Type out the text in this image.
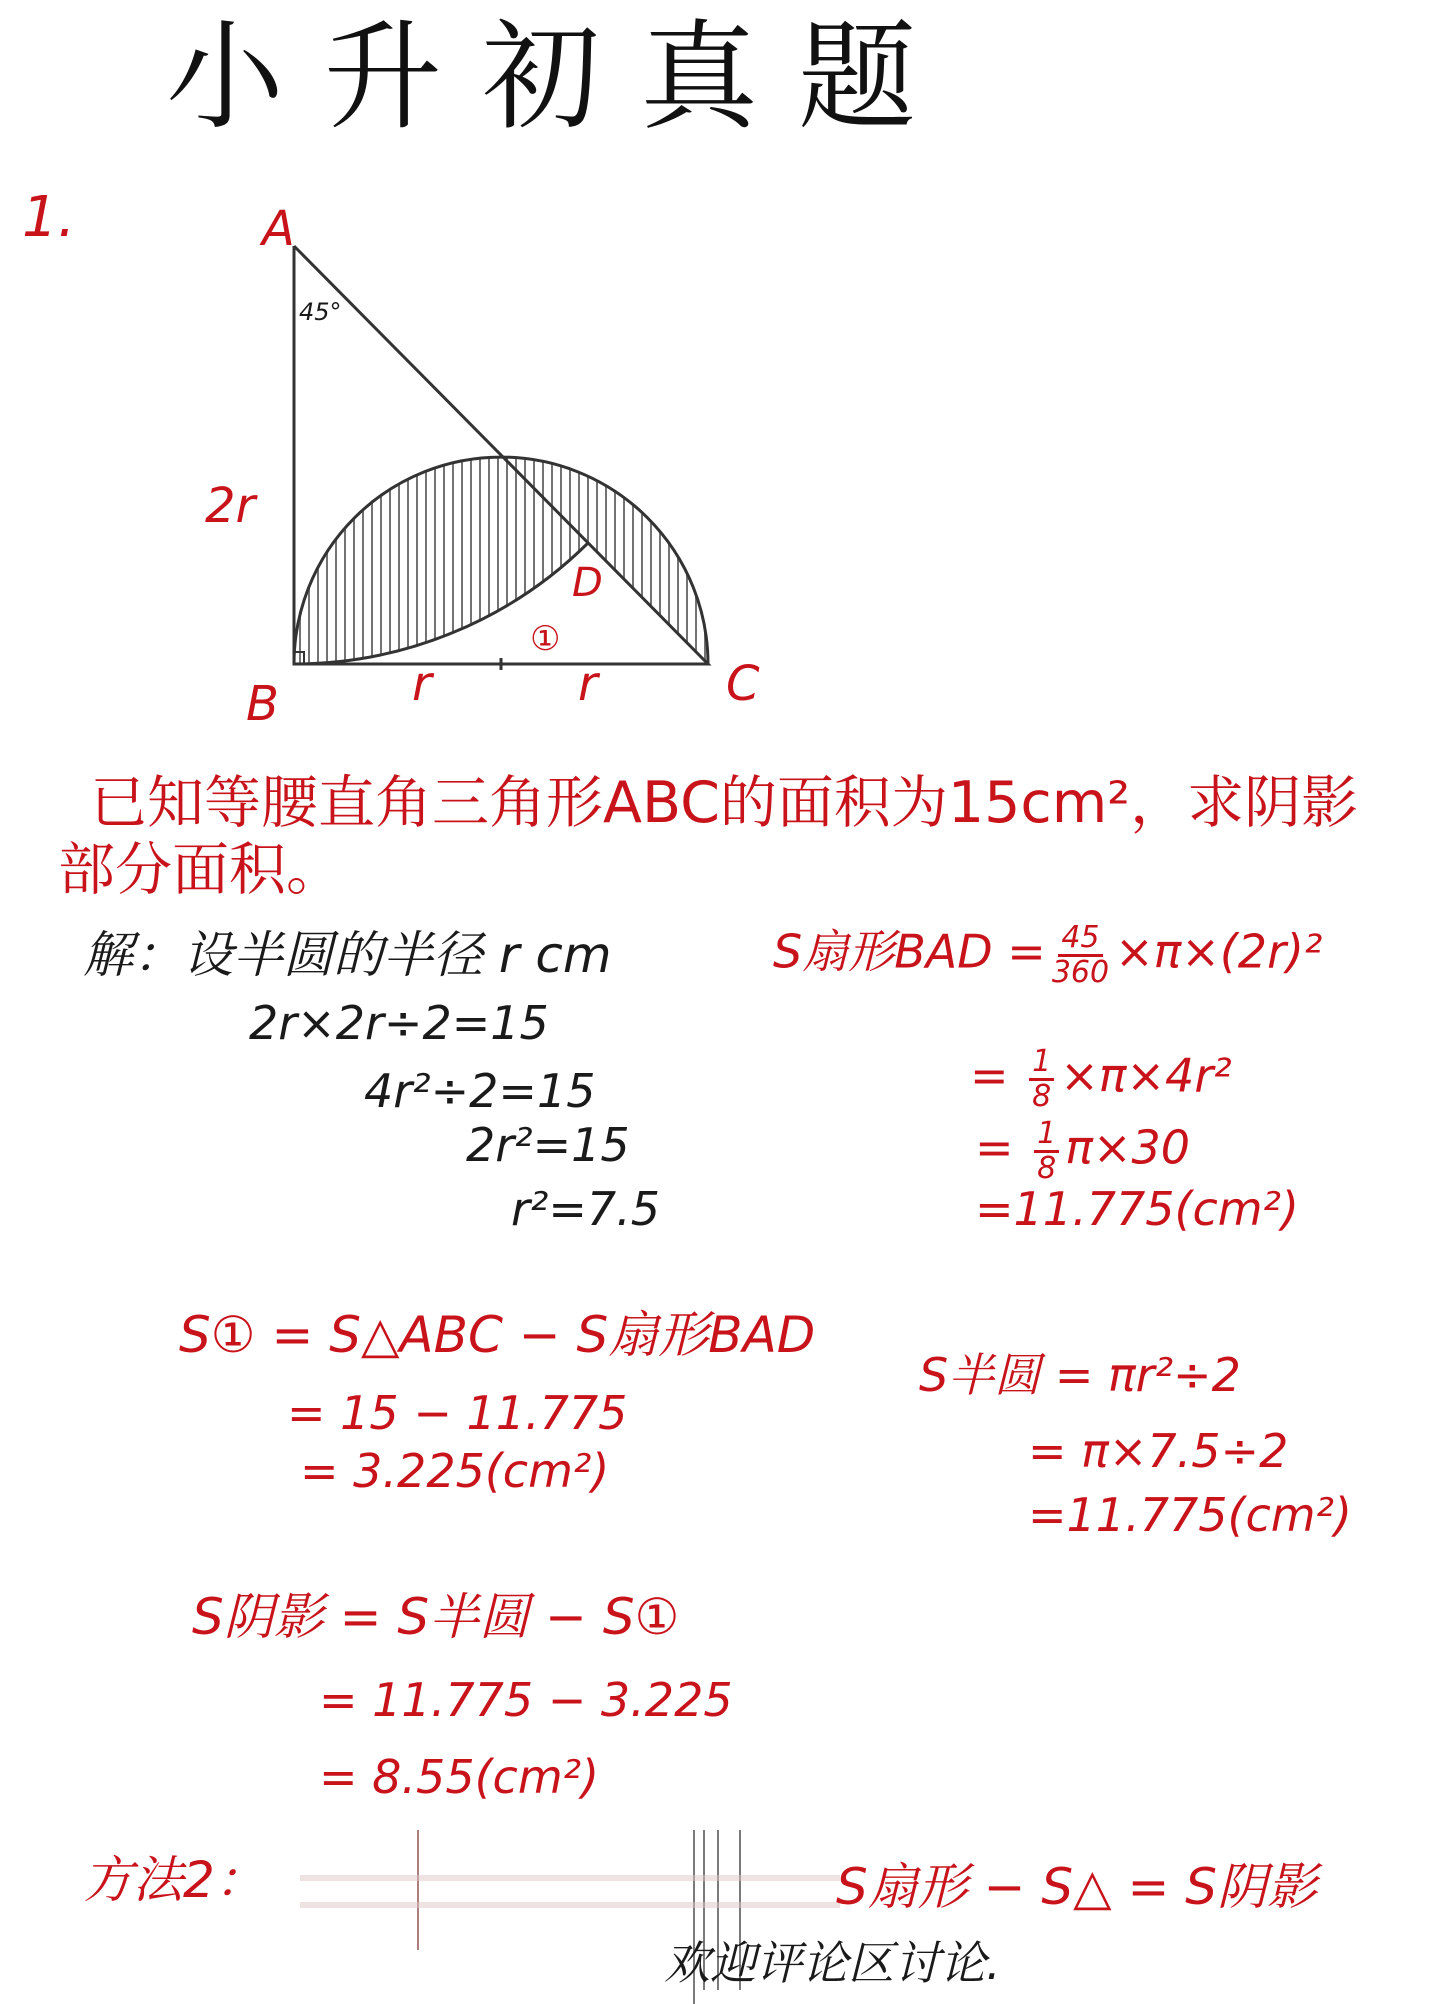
小升初真题
1.	A
45°
2r
D
①
B	r	r	C
已知等腰直角三角形ABC的面积为15cm²，求阴影
部分面积。
解：设半圆的半径 r cm
2r×2r÷2=15
4r²÷2=15
2r²=15
r²=7.5
S扇形BAD = $\frac{45}{360} \times\pi\times(2r)^2$
= $\frac{1}{8} \times\pi\times 4r^2$
= $\frac{1}{8} \pi\times 30$
=11.775(cm²)
S① = S△ABC − S扇形BAD
= 15 − 11.775
= 3.225(cm²)
S半圆 = πr²÷2
= π×7.5÷2
=11.775(cm²)
S阴影 = S半圆 − S①
= 11.775 − 3.225
= 8.55(cm²)
方法2：	S扇形 − S△ = S阴影
欢迎评论区讨论.
